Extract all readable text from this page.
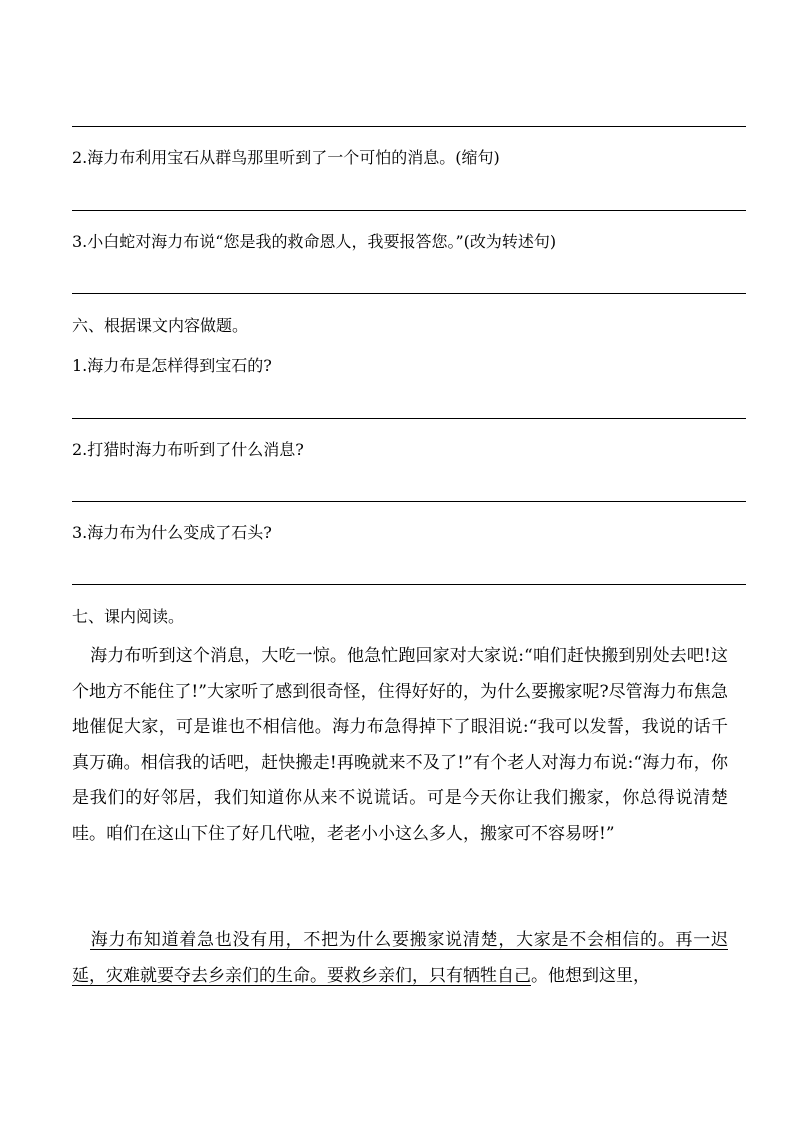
2.海力布利用宝石从群鸟那里听到了一个可怕的消息。(缩句)
3.小白蛇对海力布说“您是我的救命恩人，我要报答您。”(改为转述句)
六、根据课文内容做题。
1.海力布是怎样得到宝石的?
2.打猎时海力布听到了什么消息?
3.海力布为什么变成了石头?
七、课内阅读。
海力布听到这个消息，大吃一惊。他急忙跑回家对大家说:“咱们赶快搬到别处去吧!这个地方不能住了!”大家听了感到很奇怪，住得好好的，为什么要搬家呢?尽管海力布焦急地催促大家，可是谁也不相信他。海力布急得掉下了眼泪说:“我可以发誓，我说的话千真万确。相信我的话吧，赶快搬走!再晚就来不及了!”有个老人对海力布说:“海力布，你是我们的好邻居，我们知道你从来不说谎话。可是今天你让我们搬家，你总得说清楚哇。咱们在这山下住了好几代啦，老老小小这么多人，搬家可不容易呀!”
海力布知道着急也没有用，不把为什么要搬家说清楚，大家是不会相信的。再一迟延，灾难就要夺去乡亲们的生命。要救乡亲们，只有牺牲自己。他想到这里，
